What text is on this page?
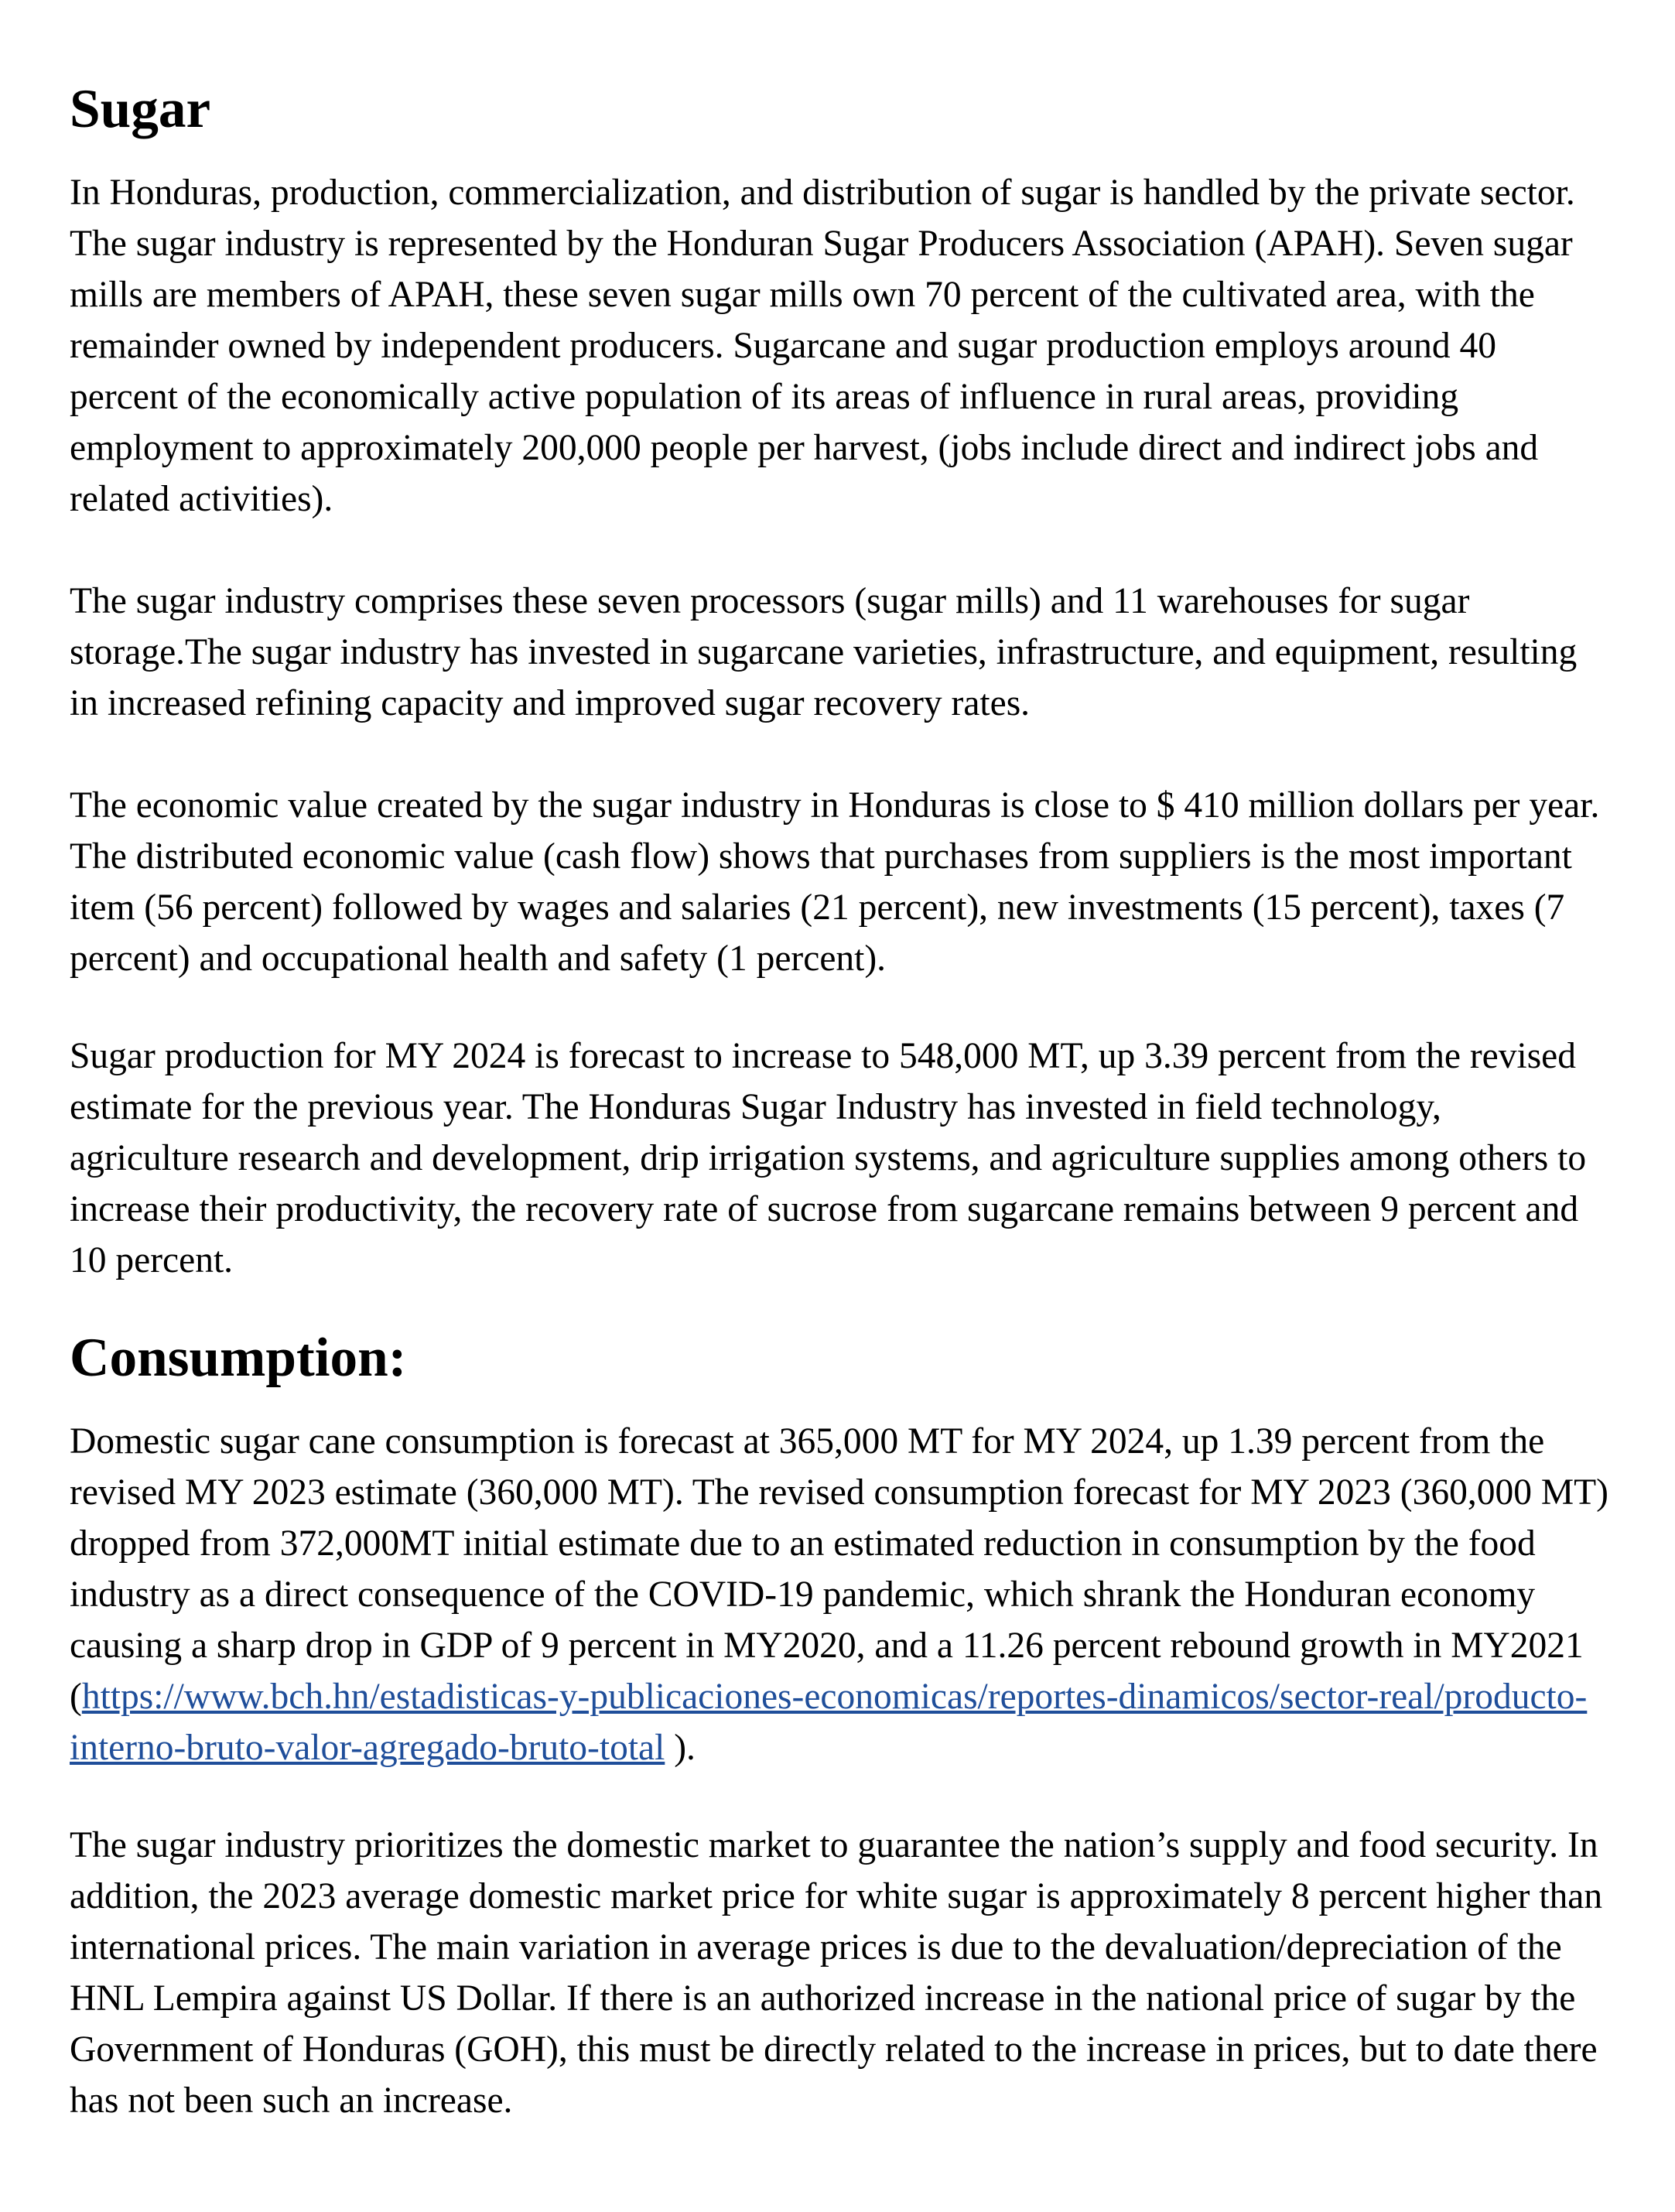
Sugar

In Honduras, production, commercialization, and distribution of sugar is handled by the private sector. The sugar industry is represented by the Honduran Sugar Producers Association (APAH). Seven sugar mills are members of APAH, these seven sugar mills own 70 percent of the cultivated area, with the remainder owned by independent producers. Sugarcane and sugar production employs around 40 percent of the economically active population of its areas of influence in rural areas, providing employment to approximately 200,000 people per harvest, (jobs include direct and indirect jobs and related activities).

The sugar industry comprises these seven processors (sugar mills) and 11 warehouses for sugar storage.The sugar industry has invested in sugarcane varieties, infrastructure, and equipment, resulting in increased refining capacity and improved sugar recovery rates.

The economic value created by the sugar industry in Honduras is close to $ 410 million dollars per year. The distributed economic value (cash flow) shows that purchases from suppliers is the most important item (56 percent) followed by wages and salaries (21 percent), new investments (15 percent), taxes (7 percent) and occupational health and safety (1 percent).

Sugar production for MY 2024 is forecast to increase to 548,000 MT, up 3.39 percent from the revised estimate for the previous year. The Honduras Sugar Industry has invested in field technology, agriculture research and development, drip irrigation systems, and agriculture supplies among others to increase their productivity, the recovery rate of sucrose from sugarcane remains between 9 percent and 10 percent.

Consumption:

Domestic sugar cane consumption is forecast at 365,000 MT for MY 2024, up 1.39 percent from the revised MY 2023 estimate (360,000 MT). The revised consumption forecast for MY 2023 (360,000 MT) dropped from 372,000MT initial estimate due to an estimated reduction in consumption by the food industry as a direct consequence of the COVID-19 pandemic, which shrank the Honduran economy causing a sharp drop in GDP of 9 percent in MY2020, and a 11.26 percent rebound growth in MY2021 (https://www.bch.hn/estadisticas-y-publicaciones-economicas/reportes-dinamicos/sector-real/producto-interno-bruto-valor-agregado-bruto-total ).

The sugar industry prioritizes the domestic market to guarantee the nation’s supply and food security. In addition, the 2023 average domestic market price for white sugar is approximately 8 percent higher than international prices. The main variation in average prices is due to the devaluation/depreciation of the HNL Lempira against US Dollar. If there is an authorized increase in the national price of sugar by the Government of Honduras (GOH), this must be directly related to the increase in prices, but to date there has not been such an increase.
